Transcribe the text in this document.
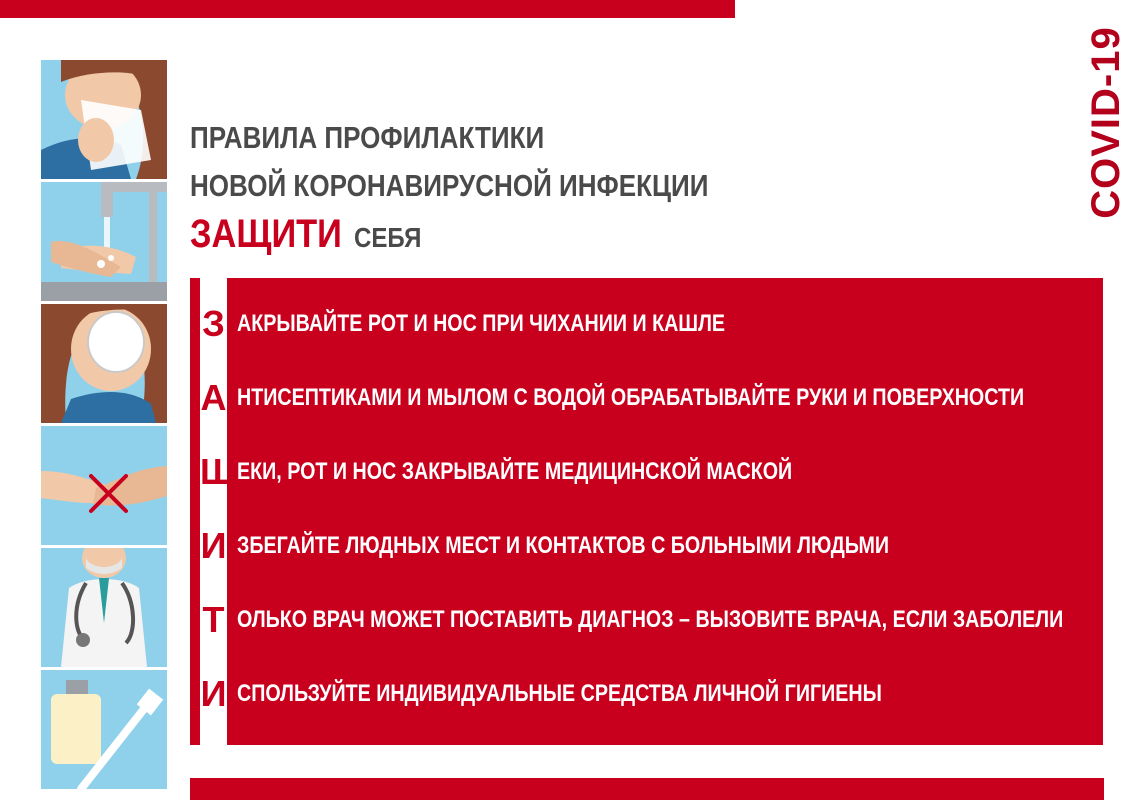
COVID-19
ПРАВИЛА ПРОФИЛАКТИКИ
НОВОЙ КОРОНАВИРУСНОЙ ИНФЕКЦИИ
ЗАЩИТИ СЕБЯ
З АКРЫВАЙТЕ РОТ И НОС ПРИ ЧИХАНИИ И КАШЛЕ
А НТИСЕПТИКАМИ И МЫЛОМ С ВОДОЙ ОБРАБАТЫВАЙТЕ РУКИ И ПОВЕРХНОСТИ
Щ ЕКИ, РОТ И НОС ЗАКРЫВАЙТЕ МЕДИЦИНСКОЙ МАСКОЙ
И ЗБЕГАЙТЕ ЛЮДНЫХ МЕСТ И КОНТАКТОВ С БОЛЬНЫМИ ЛЮДЬМИ
Т ОЛЬКО ВРАЧ МОЖЕТ ПОСТАВИТЬ ДИАГНОЗ – ВЫЗОВИТЕ ВРАЧА, ЕСЛИ ЗАБОЛЕЛИ
И СПОЛЬЗУЙТЕ ИНДИВИДУАЛЬНЫЕ СРЕДСТВА ЛИЧНОЙ ГИГИЕНЫ
